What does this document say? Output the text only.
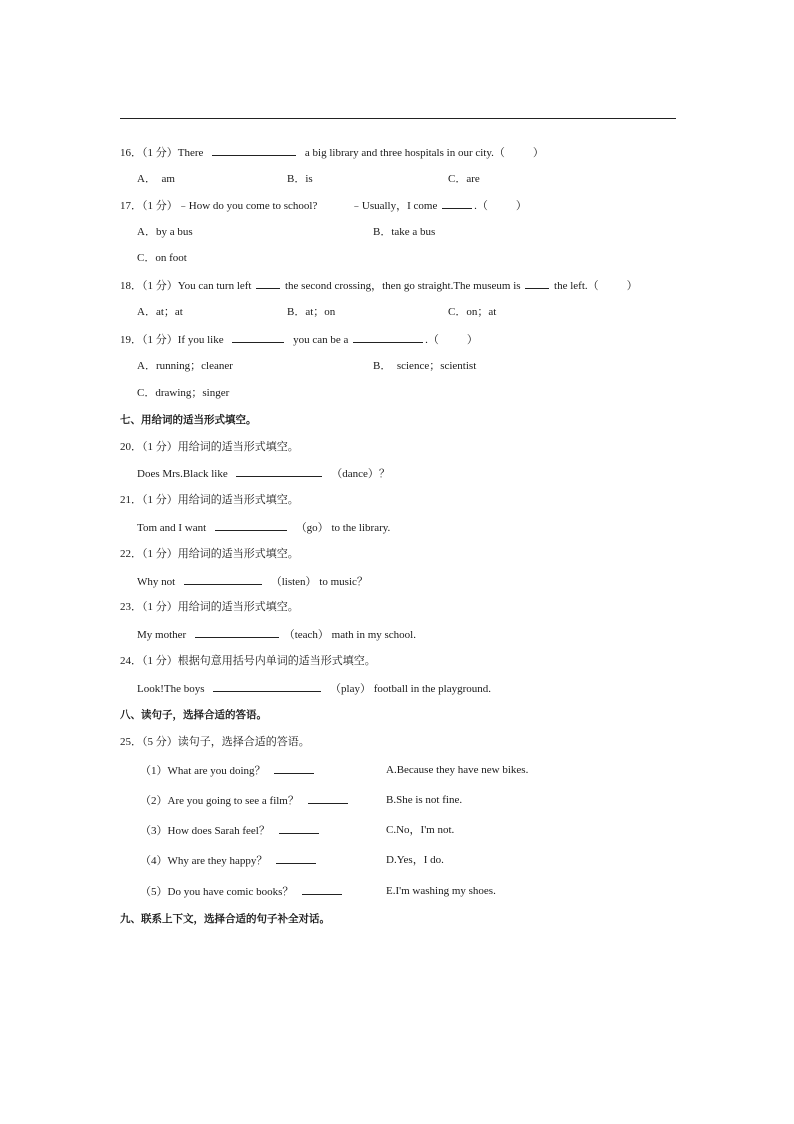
16．（1 分）There	a big library and three hospitals in our city.（	）
A．　am	B．is	C．are
17．（1 分）﹣How do you come to school?	﹣Usually，I come	.（	）
A．by a bus	B．take a bus
C．on foot
18．（1 分）You can turn left	the second crossing，then go straight.The museum is	the left.（	）
A．at；at	B．at；on	C．on；at
19．（1 分）If you like	you can be a	.（	）
A．running；cleaner	B．　science；scientist
C．drawing；singer
七、用给词的适当形式填空。
20．（1 分）用给词的适当形式填空。
Does Mrs.Black like	（dance）？
21．（1 分）用给词的适当形式填空。
Tom and I want	（go） to the library.
22．（1 分）用给词的适当形式填空。
Why not	（listen） to music？
23．（1 分）用给词的适当形式填空。
My mother	（teach） math in my school.
24．（1 分）根据句意用括号内单词的适当形式填空。
Look!The boys	（play） football in the playground.
八、读句子，选择合适的答语。
25．（5 分）读句子，选择合适的答语。
（1）What are you doing？	A.Because they have new bikes.
（2）Are you going to see a film？	B.She is not fine.
（3）How does Sarah feel？	C.No，I'm not.
（4）Why are they happy？	D.Yes，I do.
（5）Do you have comic books？	E.I'm washing my shoes.
九、联系上下文，选择合适的句子补全对话。
